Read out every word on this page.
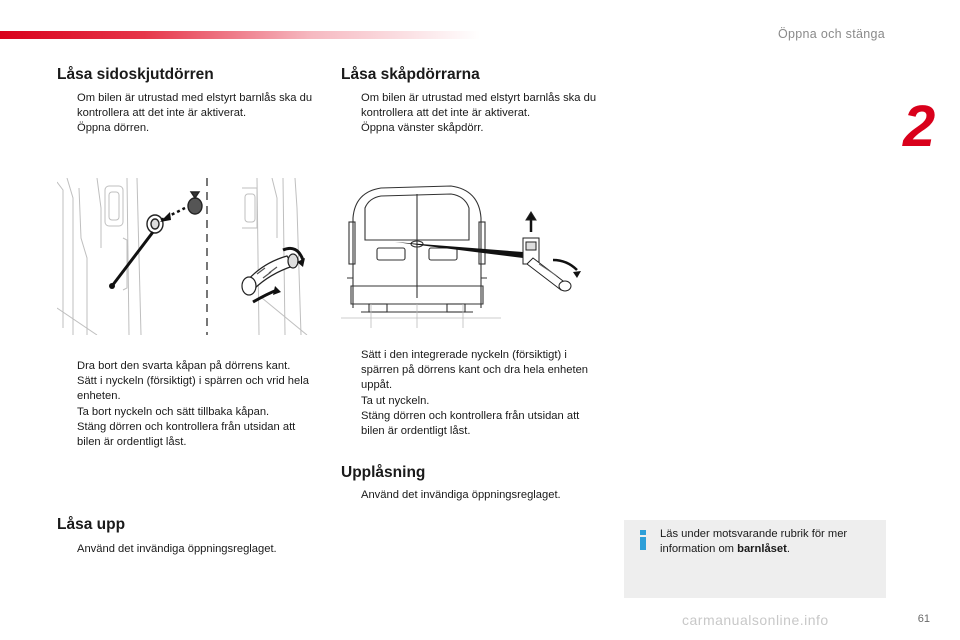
Öppna och stänga
2
Låsa sidoskjutdörren
Om bilen är utrustad med elstyrt barnlås ska du kontrollera att det inte är aktiverat.
Öppna dörren.
Dra bort den svarta kåpan på dörrens kant.
Sätt i nyckeln (försiktigt) i spärren och vrid hela enheten.
Ta bort nyckeln och sätt tillbaka kåpan.
Stäng dörren och kontrollera från utsidan att bilen är ordentligt låst.
Låsa upp
Använd det invändiga öppningsreglaget.
Låsa skåpdörrarna
Om bilen är utrustad med elstyrt barnlås ska du kontrollera att det inte är aktiverat.
Öppna vänster skåpdörr.
Sätt i den integrerade nyckeln (försiktigt) i spärren på dörrens kant och dra hela enheten uppåt.
Ta ut nyckeln.
Stäng dörren och kontrollera från utsidan att bilen är ordentligt låst.
Upplåsning
Använd det invändiga öppningsreglaget.
Läs under motsvarande rubrik för mer information om barnlåset.
carmanualsonline.info	61
